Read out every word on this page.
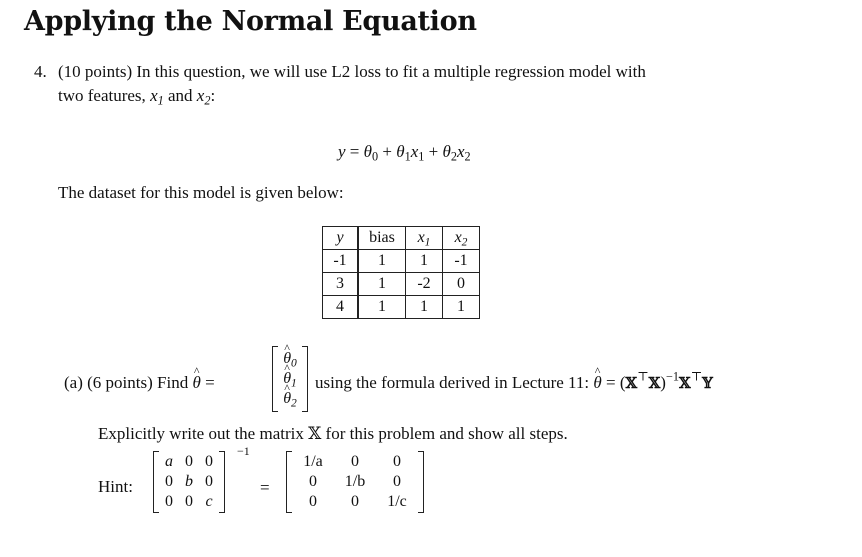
Applying the Normal Equation
4. (10 points) In this question, we will use L2 loss to fit a multiple regression model with
two features, $x_1$ and $x_2$:
$y = \theta_0 + \theta_1x_1 + \theta_2x_2$
The dataset for this model is given below:
y	bias	$x_1$	$x_2$
-1	1	1	-1
3	1	-2	0
4	1	1	1
(a) (6 points) Find ^ θ =
^ $\theta_0$
^ $\theta_1$
^ $\theta_2$
using the formula derived in Lecture 11: ^ θ = (𝕏⊤𝕏)$^{-1}$𝕏⊤𝕐
Explicitly write out the matrix 𝕏 for this problem and show all steps.
Hint:
a 0 0
0 b 0
0 0 c
−1
=
1/a	0	0
0	1/b	0
0	0	1/c
